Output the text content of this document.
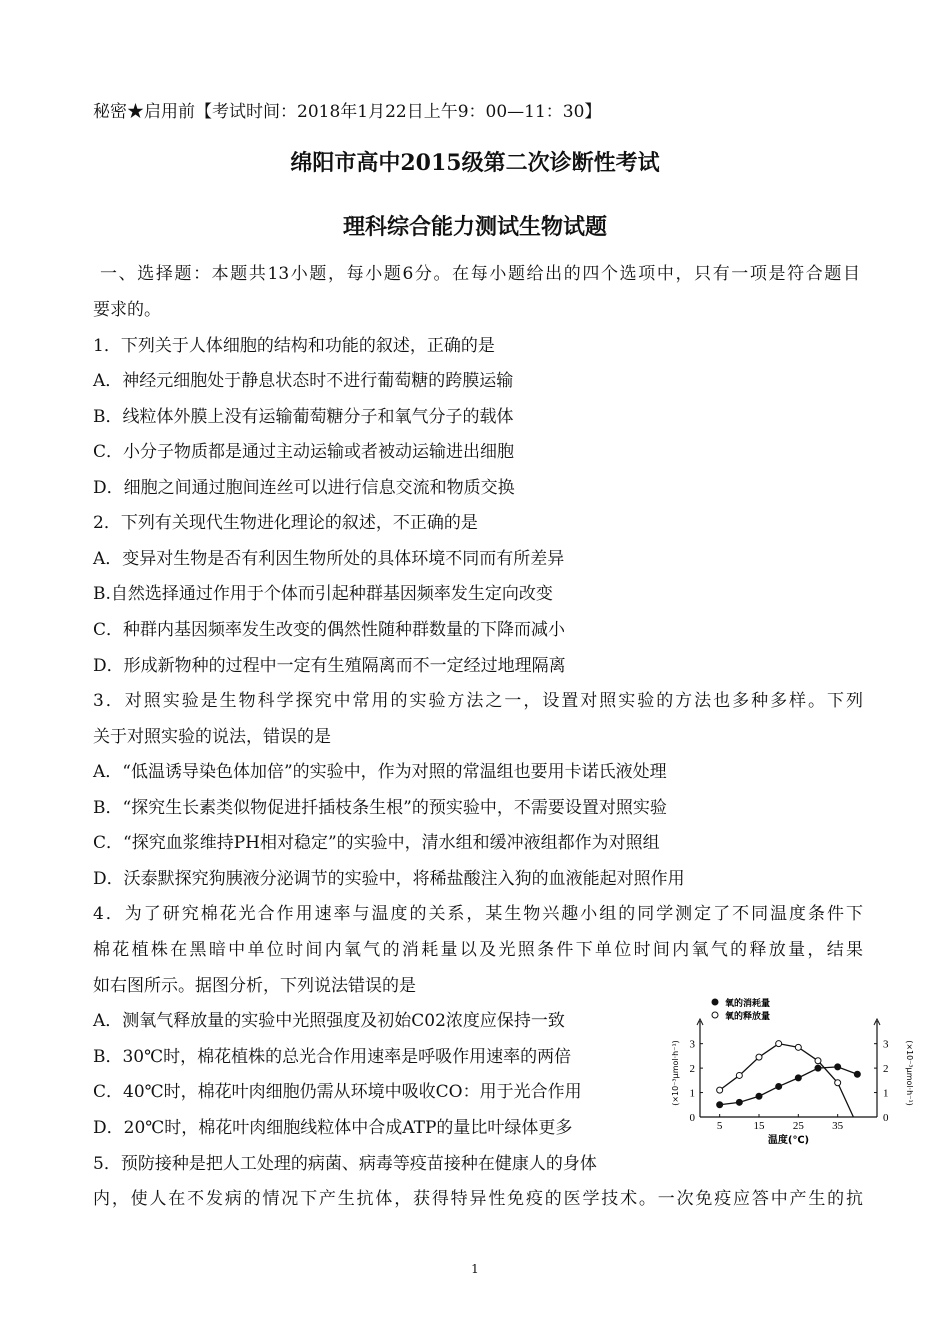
秘密★启用前【考试时间：2018年1月22日上午9：00—11：30】
绵阳市高中2015级第二次诊断性考试
理科综合能力测试生物试题
一、选择题：本题共13小题，每小题6分。在每小题给出的四个选项中，只有一项是符合题目
要求的。
1．下列关于人体细胞的结构和功能的叙述，正确的是
A．神经元细胞处于静息状态时不进行葡萄糖的跨膜运输
B．线粒体外膜上没有运输葡萄糖分子和氧气分子的载体
C．小分子物质都是通过主动运输或者被动运输进出细胞
D．细胞之间通过胞间连丝可以进行信息交流和物质交换
2．下列有关现代生物进化理论的叙述，不正确的是
A．变异对生物是否有利因生物所处的具体环境不同而有所差异
B.自然选择通过作用于个体而引起种群基因频率发生定向改变
C．种群内基因频率发生改变的偶然性随种群数量的下降而减小
D．形成新物种的过程中一定有生殖隔离而不一定经过地理隔离
3．对照实验是生物科学探究中常用的实验方法之一，设置对照实验的方法也多种多样。下列
关于对照实验的说法，错误的是
A．“低温诱导染色体加倍”的实验中，作为对照的常温组也要用卡诺氏液处理
B．“探究生长素类似物促进扦插枝条生根”的预实验中，不需要设置对照实验
C．“探究血浆维持PH相对稳定”的实验中，清水组和缓冲液组都作为对照组
D．沃泰默探究狗胰液分泌调节的实验中，将稀盐酸注入狗的血液能起对照作用
4．为了研究棉花光合作用速率与温度的关系，某生物兴趣小组的同学测定了不同温度条件下
棉花植株在黑暗中单位时间内氧气的消耗量以及光照条件下单位时间内氧气的释放量，结果
如右图所示。据图分析，下列说法错误的是
A．测氧气释放量的实验中光照强度及初始C02浓度应保持一致
B．30℃时，棉花植株的总光合作用速率是呼吸作用速率的两倍
C．40℃时，棉花叶肉细胞仍需从环境中吸收CO：用于光合作用
D．20℃时，棉花叶肉细胞线粒体中合成ATP的量比叶绿体更多
5．预防接种是把人工处理的病菌、病毒等疫苗接种在健康人的身体
内，使人在不发病的情况下产生抗体，获得特异性免疫的医学技术。一次免疫应答中产生的抗
1
5	15	25	35
0
1
2
3
0
1
2
3
温度(℃)
(×10⁻³μmol·h⁻¹)	(×10⁻³μmol·h⁻¹)
氧的消耗量
氧的释放量
